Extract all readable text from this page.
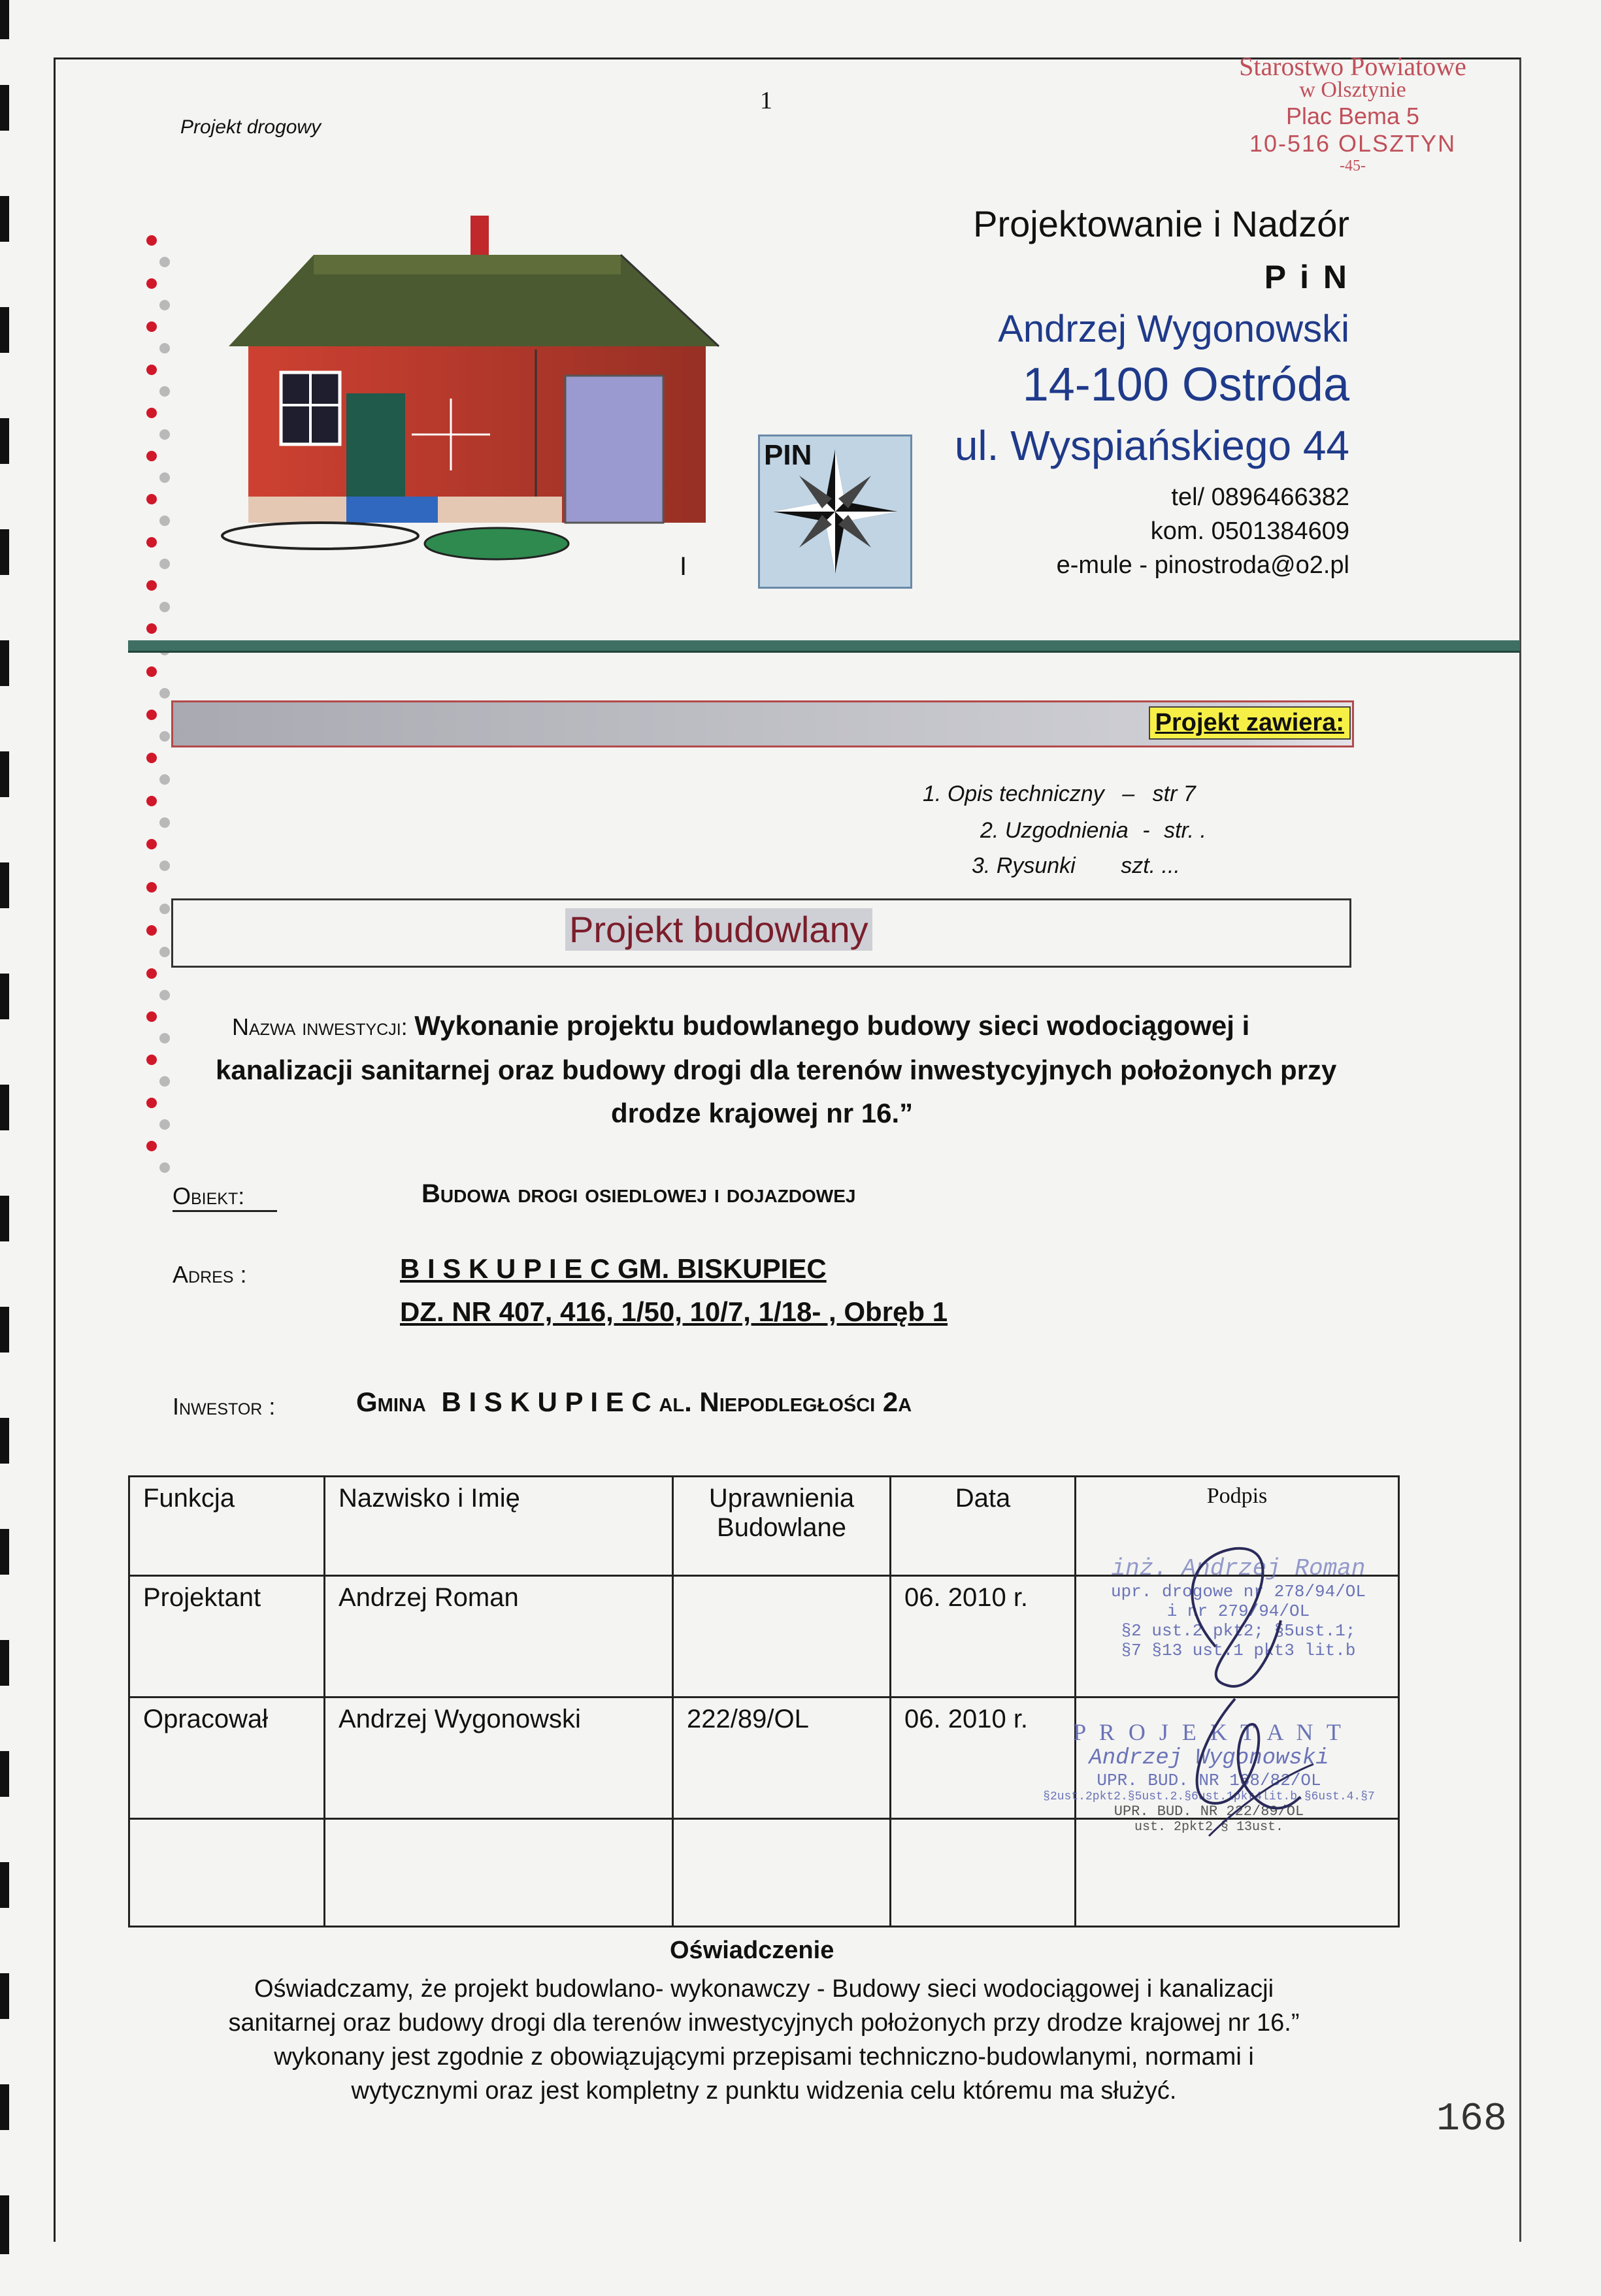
Projekt drogowy
1
Starostwo Powiatowe
w Olsztynie
Plac Bema 5
10-516 OLSZTYN
-45-
PIN
I
Projektowanie i Nadzór
P i N
Andrzej Wygonowski
14-100 Ostróda
ul. Wyspiańskiego 44
tel/ 0896466382
kom. 0501384609
e-mule - pinostroda@o2.pl
Projekt zawiera:
1. Opis techniczny – str 7
2. Uzgodnienia - str. .
3. Rysunki szt. ...
Projekt budowlany
Nazwa inwestycji: Wykonanie projektu budowlanego budowy sieci wodociągowej i
kanalizacji sanitarnej oraz budowy drogi dla terenów inwestycyjnych położonych przy
drodze krajowej nr 16.”
Obiekt:	Budowa drogi osiedlowej i dojazdowej
Adres :	B I S K U P I E C GM. BISKUPIEC
DZ. NR 407, 416, 1/50, 10/7, 1/18- , Obręb 1
Inwestor :	Gmina B I S K U P I E C al. Niepodległości 2a
Funkcja	Nazwisko i Imię	Uprawnienia Budowlane	Data	Podpis
Projektant	Andrzej Roman		06. 2010 r.	
Opracował	Andrzej Wygonowski	222/89/OL	06. 2010 r.	

inż. Andrzej Roman
upr. drogowe nr 278/94/OL
i nr 279/94/OL
§2 ust.2 pkt2; §5ust.1;
§7 §13 ust.1 pkt3 lit.b
P R O J E K T A N T
Andrzej Wygonowski
UPR. BUD. NR 168/82/OL
§2ust.2pkt2.§5ust.2.§6ust.1pkt4lit.b.§6ust.4.§7
UPR. BUD. NR 222/89/OL
ust. 2pkt2 § 13ust.
Oświadczenie
Oświadczamy, że projekt budowlano- wykonawczy - Budowy sieci wodociągowej i kanalizacji
sanitarnej oraz budowy drogi dla terenów inwestycyjnych położonych przy drodze krajowej nr 16.”
wykonany jest zgodnie z obowiązującymi przepisami techniczno-budowlanymi, normami i
wytycznymi oraz jest kompletny z punktu widzenia celu któremu ma służyć.
168
